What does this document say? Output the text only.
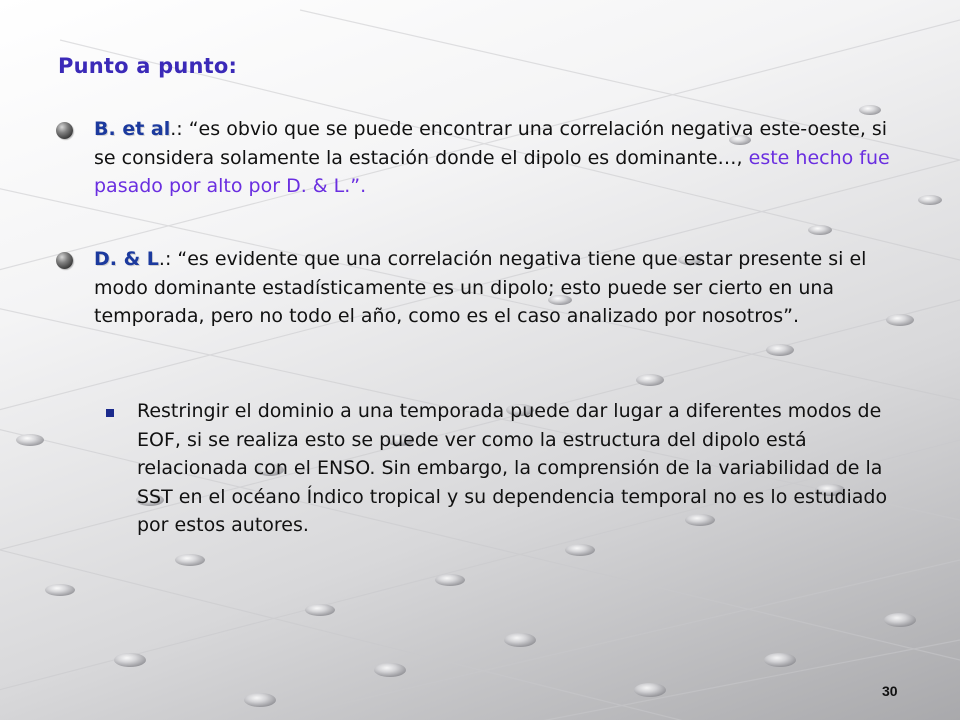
Punto a punto:
B. et al.: “es obvio que se puede encontrar una correlación negativa este-oeste, si se considera solamente la estación donde el dipolo es dominante…, este hecho fue pasado por alto por D. & L.”.
D. & L.: “es evidente que una correlación negativa tiene que estar presente si el modo dominante estadísticamente es un dipolo; esto puede ser cierto en una temporada, pero no todo el año, como es el caso analizado por nosotros”.
Restringir el dominio a una temporada puede dar lugar a diferentes modos de EOF, si se realiza esto se puede ver como la estructura del dipolo está relacionada con el ENSO. Sin embargo, la comprensión de la variabilidad de la SST en el océano Índico tropical y su dependencia temporal no es lo estudiado por estos autores.
30
